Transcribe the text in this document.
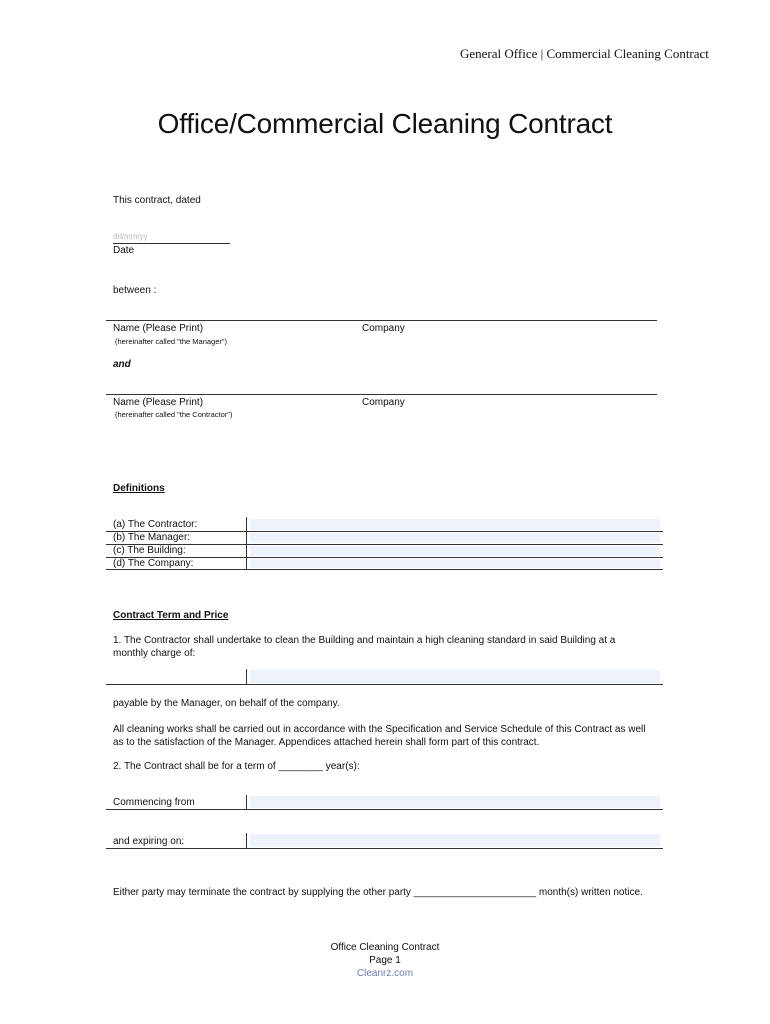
General Office | Commercial Cleaning Contract
Office/Commercial Cleaning Contract
This contract, dated
dd/mm/yy
Date
between :
Name (Please Print)	Company
(hereinafter called "the Manager")
and
Name (Please Print)	Company
(hereinafter called "the Contractor")
Definitions
(a) The Contractor:
(b) The Manager:
(c) The Building:
(d) The Company:
Contract Term and Price
1. The Contractor shall undertake to clean the Building and maintain a high cleaning standard in said Building at a monthly charge of:
payable by the Manager, on behalf of the company.
All cleaning works shall be carried out in accordance with the Specification and Service Schedule of this Contract as well as to the satisfaction of the Manager. Appendices attached herein shall form part of this contract.
2. The Contract shall be for a term of ________ year(s):
Commencing from
and expiring on:
Either party may terminate the contract by supplying the other party ______________________ month(s) written notice.
Office Cleaning Contract
Page 1
Cleanrz.com
